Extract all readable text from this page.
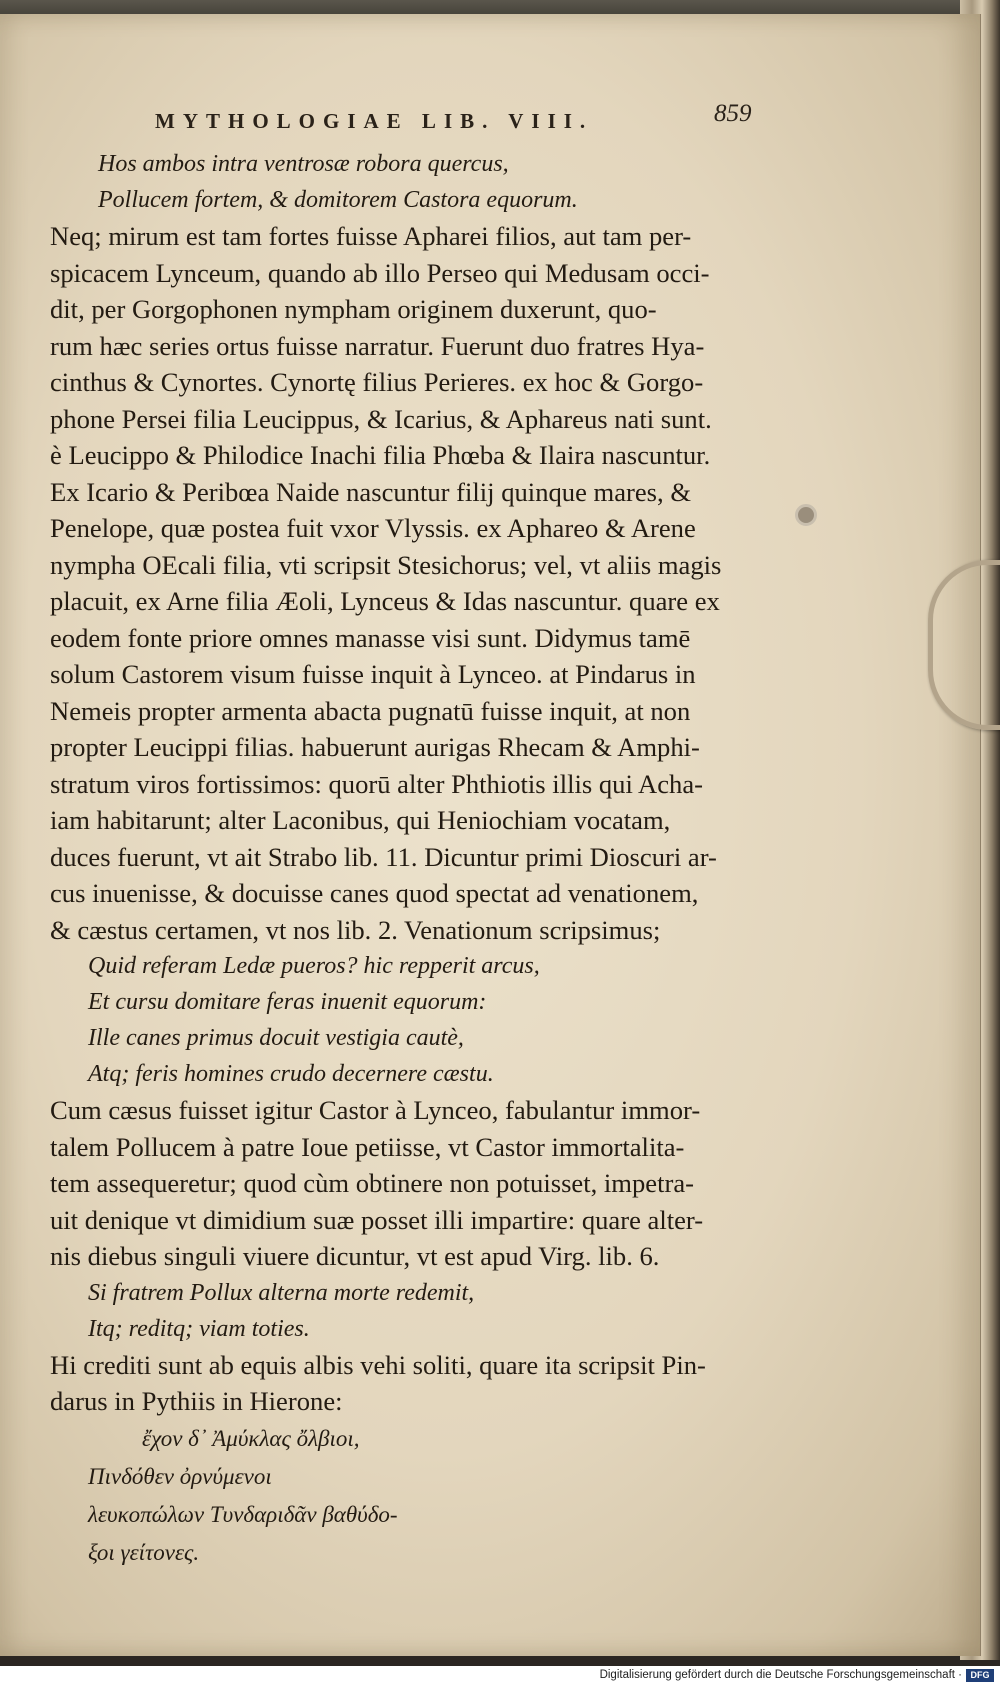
MYTHOLOGIAE LIB. VIII.	859
Hos ambos intra ventrosæ robora quercus,
Pollucem fortem, & domitorem Castora equorum.
Neq; mirum est tam fortes fuisse Apharei filios, aut tam per-
spicacem Lynceum, quando ab illo Perseo qui Medusam occi-
dit, per Gorgophonen nympham originem duxerunt, quo-
rum hæc series ortus fuisse narratur. Fuerunt duo fratres Hya-
cinthus & Cynortes. Cynortę filius Perieres. ex hoc & Gorgo-
phone Persei filia Leucippus, & Icarius, & Aphareus nati sunt.
è Leucippo & Philodice Inachi filia Phœba & Ilaira nascuntur.
Ex Icario & Peribœa Naide nascuntur filij quinque mares, &
Penelope, quæ postea fuit vxor Vlyssis. ex Aphareo & Arene
nympha OEcali filia, vti scripsit Stesichorus; vel, vt aliis magis
placuit, ex Arne filia Æoli, Lynceus & Idas nascuntur. quare ex
eodem fonte priore omnes manasse visi sunt. Didymus tamē
solum Castorem visum fuisse inquit à Lynceo. at Pindarus in
Nemeis propter armenta abacta pugnatū fuisse inquit, at non
propter Leucippi filias. habuerunt aurigas Rhecam & Amphi-
stratum viros fortissimos: quorū alter Phthiotis illis qui Acha-
iam habitarunt; alter Laconibus, qui Heniochiam vocatam,
duces fuerunt, vt ait Strabo lib. 11. Dicuntur primi Dioscuri ar-
cus inuenisse, & docuisse canes quod spectat ad venationem,
& cæstus certamen, vt nos lib. 2. Venationum scripsimus;
Quid referam Ledæ pueros? hic repperit arcus,
Et cursu domitare feras inuenit equorum:
Ille canes primus docuit vestigia cautè,
Atq; feris homines crudo decernere cæstu.
Cum cæsus fuisset igitur Castor à Lynceo, fabulantur immor-
talem Pollucem à patre Ioue petiisse, vt Castor immortalita-
tem assequeretur; quod cùm obtinere non potuisset, impetra-
uit denique vt dimidium suæ posset illi impartire: quare alter-
nis diebus singuli viuere dicuntur, vt est apud Virg. lib. 6.
Si fratrem Pollux alterna morte redemit,
Itq; reditq; viam toties.
Hi crediti sunt ab equis albis vehi soliti, quare ita scripsit Pin-
darus in Pythiis in Hierone:
ἔχον δ᾽ Ἀμύκλας ὄλβιοι,
Πινδόθεν ὀρνύμενοι
λευκοπώλων Τυνδαριδᾶν βαθύδο-
ξοι γείτονες.
Digitalisierung gefördert durch die Deutsche Forschungsgemeinschaft · DFG
